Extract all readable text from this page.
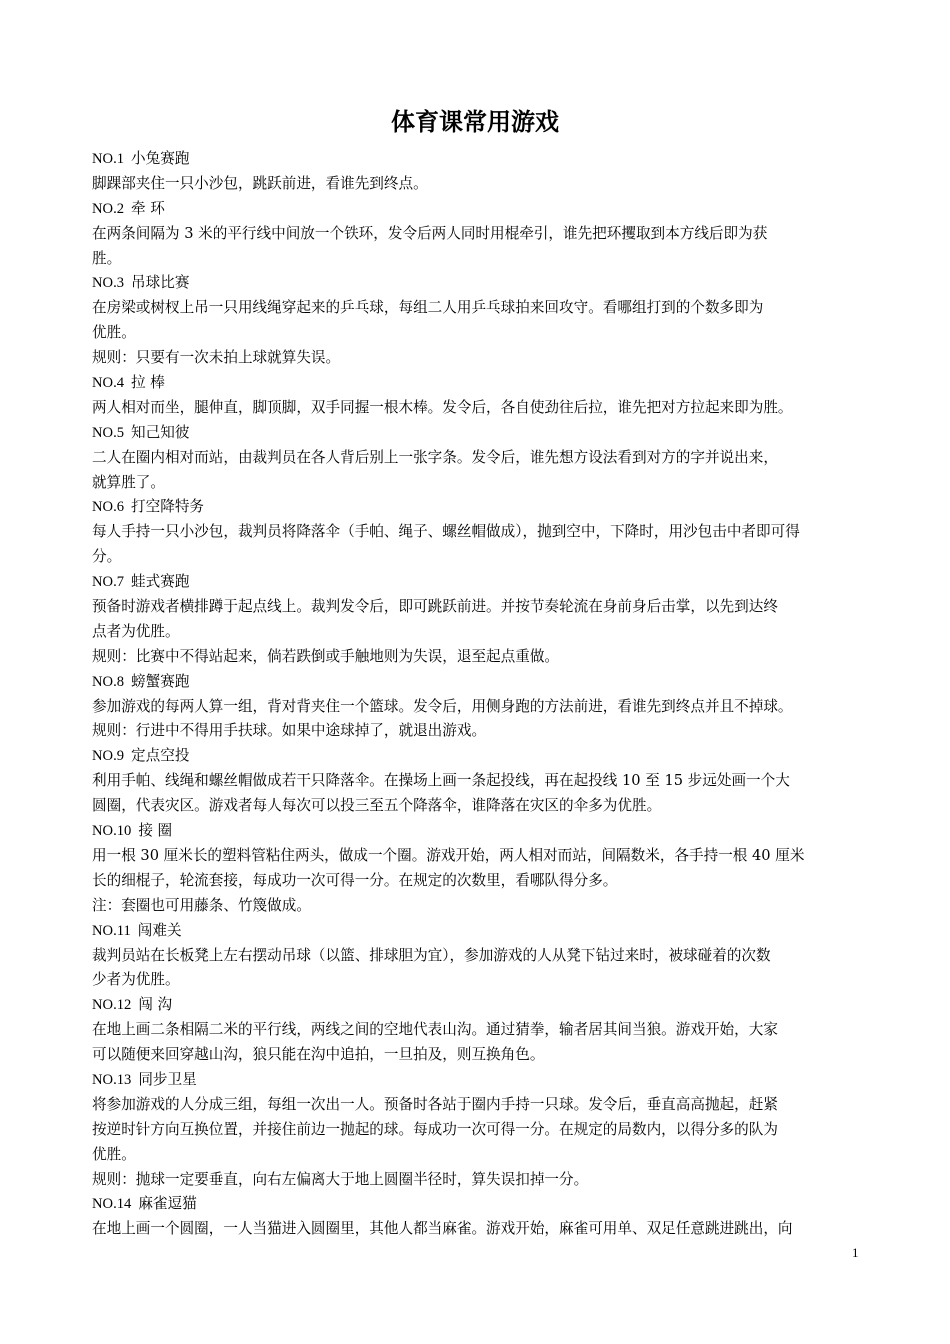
体育课常用游戏
NO.1 小兔赛跑
脚踝部夹住一只小沙包，跳跃前进，看谁先到终点。
NO.2 牵 环
在两条间隔为 3 米的平行线中间放一个铁环，发令后两人同时用棍牵引，谁先把环攫取到本方线后即为获
胜。
NO.3 吊球比赛
在房梁或树杈上吊一只用线绳穿起来的乒乓球，每组二人用乒乓球拍来回攻守。看哪组打到的个数多即为
优胜。
规则：只要有一次未拍上球就算失误。
NO.4 拉 棒
两人相对而坐，腿伸直，脚顶脚，双手同握一根木棒。发令后，各自使劲往后拉，谁先把对方拉起来即为胜。
NO.5 知己知彼
二人在圈内相对而站，由裁判员在各人背后别上一张字条。发令后，谁先想方设法看到对方的字并说出来，
就算胜了。
NO.6 打空降特务
每人手持一只小沙包，裁判员将降落伞（手帕、绳子、螺丝帽做成），抛到空中，下降时，用沙包击中者即可得
分。
NO.7 蛙式赛跑
预备时游戏者横排蹲于起点线上。裁判发令后，即可跳跃前进。并按节奏轮流在身前身后击掌，以先到达终
点者为优胜。
规则：比赛中不得站起来，倘若跌倒或手触地则为失误，退至起点重做。
NO.8 螃蟹赛跑
参加游戏的每两人算一组，背对背夹住一个篮球。发令后，用侧身跑的方法前进，看谁先到终点并且不掉球。
规则：行进中不得用手扶球。如果中途球掉了，就退出游戏。
NO.9 定点空投
利用手帕、线绳和螺丝帽做成若干只降落伞。在操场上画一条起投线，再在起投线 10 至 15 步远处画一个大
圆圈，代表灾区。游戏者每人每次可以投三至五个降落伞，谁降落在灾区的伞多为优胜。
NO.10 接 圈
用一根 30 厘米长的塑料管粘住两头，做成一个圈。游戏开始，两人相对而站，间隔数米，各手持一根 40 厘米
长的细棍子，轮流套接，每成功一次可得一分。在规定的次数里，看哪队得分多。
注：套圈也可用藤条、竹篾做成。
NO.11 闯难关
裁判员站在长板凳上左右摆动吊球（以篮、排球胆为宜），参加游戏的人从凳下钻过来时，被球碰着的次数
少者为优胜。
NO.12 闯 沟
在地上画二条相隔二米的平行线，两线之间的空地代表山沟。通过猜拳，输者居其间当狼。游戏开始，大家
可以随便来回穿越山沟，狼只能在沟中追拍，一旦拍及，则互换角色。
NO.13 同步卫星
将参加游戏的人分成三组，每组一次出一人。预备时各站于圈内手持一只球。发令后，垂直高高抛起，赶紧
按逆时针方向互换位置，并接住前边一抛起的球。每成功一次可得一分。在规定的局数内，以得分多的队为
优胜。
规则：抛球一定要垂直，向右左偏离大于地上圆圈半径时，算失误扣掉一分。
NO.14 麻雀逗猫
在地上画一个圆圈，一人当猫进入圆圈里，其他人都当麻雀。游戏开始，麻雀可用单、双足任意跳进跳出，向
1
